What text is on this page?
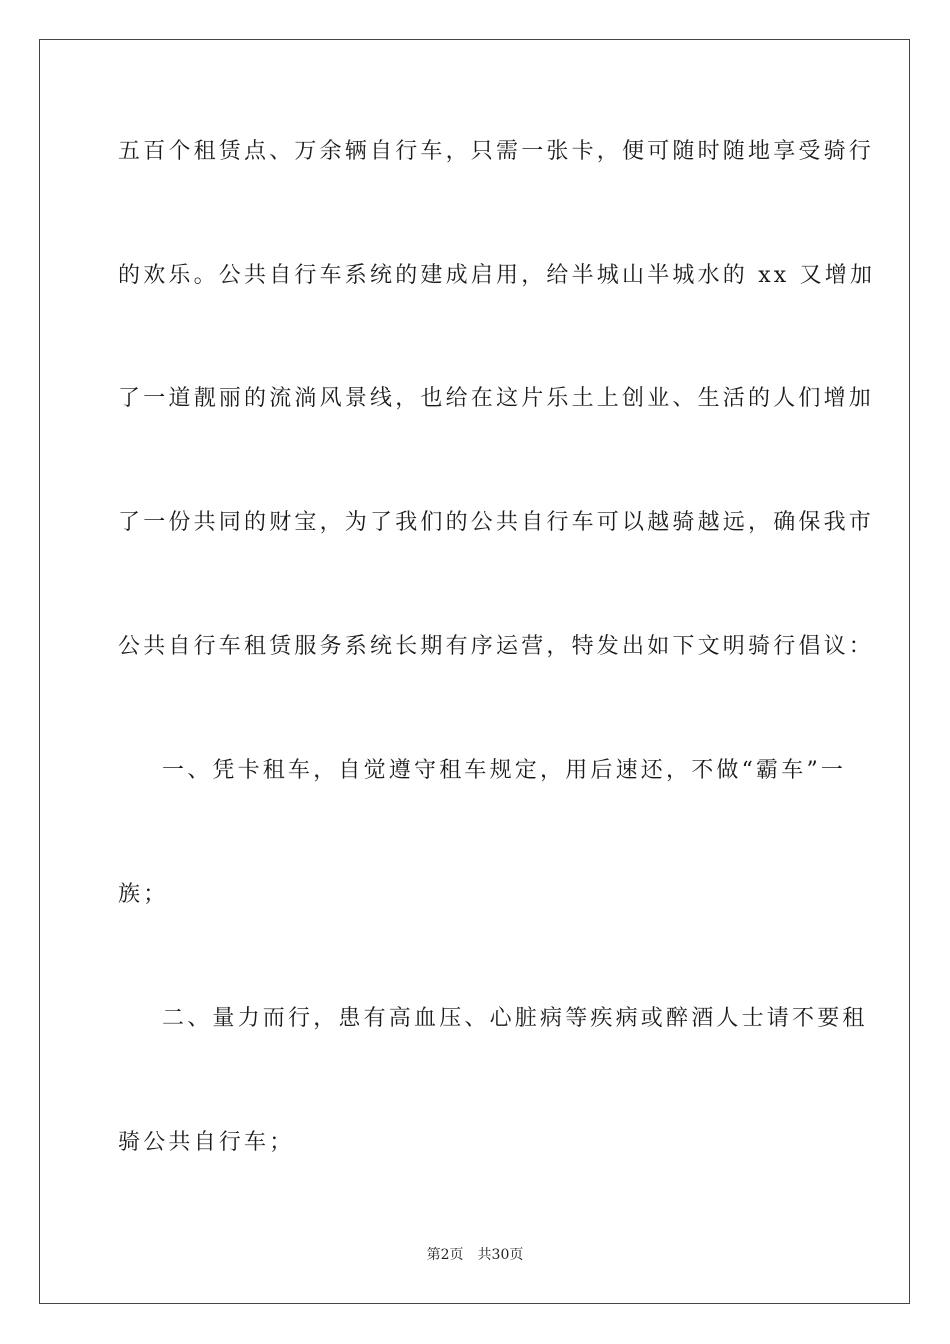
五百个租赁点、万余辆自行车，只需一张卡，便可随时随地享受骑行
的欢乐。公共自行车系统的建成启用，给半城山半城水的 xx 又增加
了一道靓丽的流淌风景线，也给在这片乐土上创业、生活的人们增加
了一份共同的财宝，为了我们的公共自行车可以越骑越远，确保我市
公共自行车租赁服务系统长期有序运营，特发出如下文明骑行倡议：
一、凭卡租车，自觉遵守租车规定，用后速还，不做“霸车”一
族；
二、量力而行，患有高血压、心脏病等疾病或醉酒人士请不要租
骑公共自行车；
第2页 共30页
